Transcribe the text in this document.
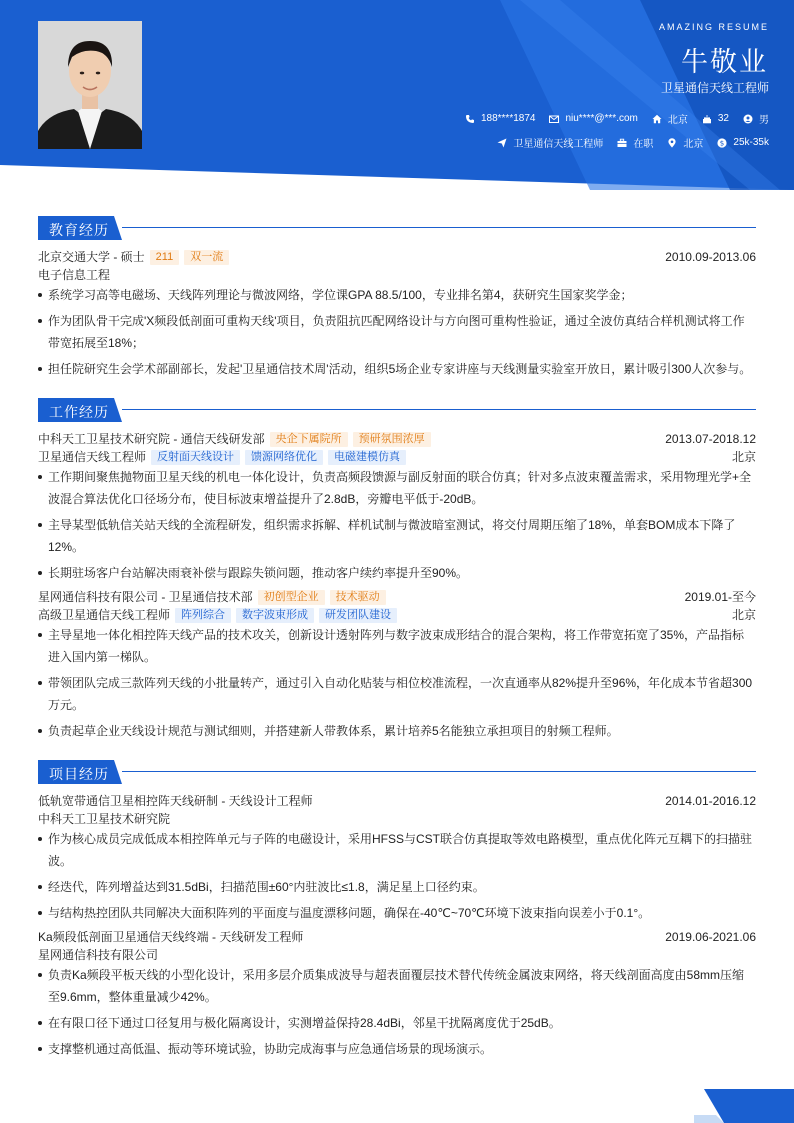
AMAZING RESUME
牛敬业
卫星通信天线工程师
188****1874	niu****@***.com	北京	32	男
卫星通信天线工程师	在职	北京 $ 25k-35k
教育经历
北京交通大学 - 硕士	211	双一流	2010.09-2013.06
电子信息工程
系统学习高等电磁场、天线阵列理论与微波网络，学位课GPA 88.5/100，专业排名第4，获研究生国家奖学金；
作为团队骨干完成'X频段低剖面可重构天线'项目，负责阻抗匹配网络设计与方向图可重构性验证，通过全波仿真结合样机测试将工作带宽拓展至18%；
担任院研究生会学术部副部长，发起'卫星通信技术周'活动，组织5场企业专家讲座与天线测量实验室开放日，累计吸引300人次参与。
工作经历
中科天工卫星技术研究院 - 通信天线研发部	央企下属院所	预研氛围浓厚	2013.07-2018.12
卫星通信天线工程师	反射面天线设计	馈源网络优化	电磁建模仿真	北京
工作期间聚焦抛物面卫星天线的机电一体化设计，负责高频段馈源与副反射面的联合仿真；针对多点波束覆盖需求，采用物理光学+全波混合算法优化口径场分布，使目标波束增益提升了2.8dB，旁瓣电平低于-20dB。
主导某型低轨信关站天线的全流程研发，组织需求拆解、样机试制与微波暗室测试，将交付周期压缩了18%，单套BOM成本下降了12%。
长期驻场客户台站解决雨衰补偿与跟踪失锁问题，推动客户续约率提升至90%。
星网通信科技有限公司 - 卫星通信技术部	初创型企业	技术驱动	2019.01-至今
高级卫星通信天线工程师	阵列综合	数字波束形成	研发团队建设	北京
主导星地一体化相控阵天线产品的技术攻关，创新设计透射阵列与数字波束成形结合的混合架构，将工作带宽拓宽了35%，产品指标进入国内第一梯队。
带领团队完成三款阵列天线的小批量转产，通过引入自动化贴装与相位校准流程，一次直通率从82%提升至96%，年化成本节省超300万元。
负责起草企业天线设计规范与测试细则，并搭建新人带教体系，累计培养5名能独立承担项目的射频工程师。
项目经历
低轨宽带通信卫星相控阵天线研制 - 天线设计工程师	2014.01-2016.12
中科天工卫星技术研究院
作为核心成员完成低成本相控阵单元与子阵的电磁设计，采用HFSS与CST联合仿真提取等效电路模型，重点优化阵元互耦下的扫描驻波。
经迭代，阵列增益达到31.5dBi，扫描范围±60°内驻波比≤1.8，满足星上口径约束。
与结构热控团队共同解决大面积阵列的平面度与温度漂移问题，确保在-40℃~70℃环境下波束指向误差小于0.1°。
Ka频段低剖面卫星通信天线终端 - 天线研发工程师	2019.06-2021.06
星网通信科技有限公司
负责Ka频段平板天线的小型化设计，采用多层介质集成波导与超表面覆层技术替代传统金属波束网络，将天线剖面高度由58mm压缩至9.6mm，整体重量减少42%。
在有限口径下通过口径复用与极化隔离设计，实测增益保持28.4dBi，邻星干扰隔离度优于25dB。
支撑整机通过高低温、振动等环境试验，协助完成海事与应急通信场景的现场演示。
